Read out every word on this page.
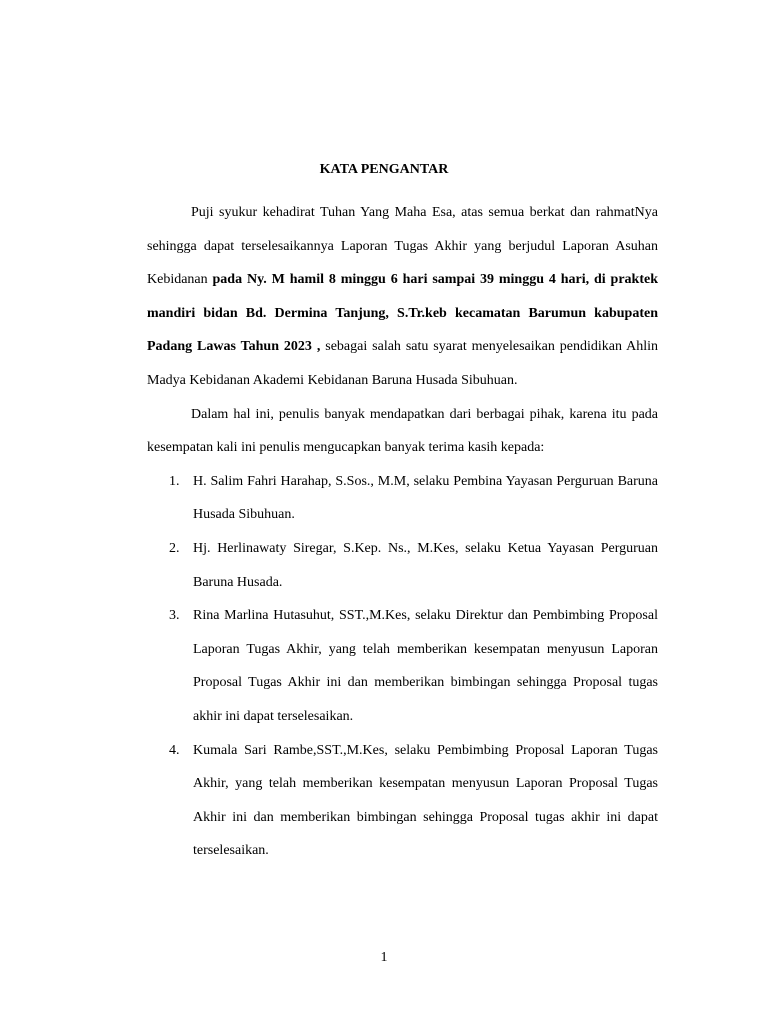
KATA PENGANTAR

Puji syukur kehadirat Tuhan Yang Maha Esa, atas semua berkat dan rahmatNya sehingga dapat terselesaikannya Laporan Tugas Akhir yang berjudul Laporan Asuhan Kebidanan pada Ny. M hamil 8 minggu 6 hari sampai 39 minggu 4 hari, di praktek mandiri bidan Bd. Dermina Tanjung, S.Tr.keb kecamatan Barumun kabupaten Padang Lawas Tahun 2023 , sebagai salah satu syarat menyelesaikan pendidikan Ahlin Madya Kebidanan Akademi Kebidanan Baruna Husada Sibuhuan.

Dalam hal ini, penulis banyak mendapatkan dari berbagai pihak, karena itu pada kesempatan kali ini penulis mengucapkan banyak terima kasih kepada:

1. H. Salim Fahri Harahap, S.Sos., M.M, selaku Pembina Yayasan Perguruan Baruna Husada Sibuhuan.
2. Hj. Herlinawaty Siregar, S.Kep. Ns., M.Kes, selaku Ketua Yayasan Perguruan Baruna Husada.
3. Rina Marlina Hutasuhut, SST.,M.Kes, selaku Direktur dan Pembimbing Proposal Laporan Tugas Akhir, yang telah memberikan kesempatan menyusun Laporan Proposal Tugas Akhir ini dan memberikan bimbingan sehingga Proposal tugas akhir ini dapat terselesaikan.
4. Kumala Sari Rambe,SST.,M.Kes, selaku Pembimbing Proposal Laporan Tugas Akhir, yang telah memberikan kesempatan menyusun Laporan Proposal Tugas Akhir ini dan memberikan bimbingan sehingga Proposal tugas akhir ini dapat terselesaikan.
1
